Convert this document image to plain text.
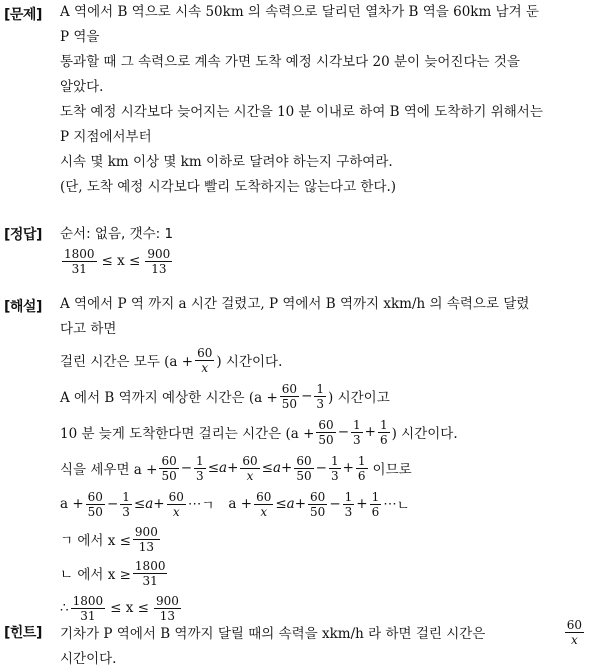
[문제] A 역에서 B 역으로 시속 50km 의 속력으로 달리던 열차가 B 역을 60km 남겨 둔
P 역을
통과할 때 그 속력으로 계속 가면 도착 예정 시각보다 20 분이 늦어진다는 것을
알았다.
도착 예정 시각보다 늦어지는 시간을 10 분 이내로 하여 B 역에 도착하기 위해서는
P 지점에서부터
시속 몇 km 이상 몇 km 이하로 달려야 하는지 구하여라.
(단, 도착 예정 시각보다 빨리 도착하지는 않는다고 한다.)
[정답] 순서: 없음, 갯수: 1
$\frac{1800}{31} \le x \le \frac{900}{13}$
[해설] A 역에서 P 역 까지 a 시간 걸렸고, P 역에서 B 역까지 xkm/h 의 속력으로 달렸
다고 하면
걸린 시간은 모두 ($a + \frac{60}{x}$ ) 시간이다.
A 에서 B 역까지 예상한 시간은 ($a + \frac{60}{50} - \frac{1}{3}$ ) 시간이고
10 분 늦게 도착한다면 걸리는 시간은 ($a + \frac{60}{50} - \frac{1}{3} + \frac{1}{6}$ ) 시간이다.
식을 세우면 $a + \frac{60}{50} - \frac{1}{3} \le a + \frac{60}{x} \le a + \frac{60}{50} - \frac{1}{3} + \frac{1}{6}$ 이므로
$a + \frac{60}{50} - \frac{1}{3} \le a + \frac{60}{x}$ ⋯ ㄱ $a + \frac{60}{x} \le a + \frac{60}{50} - \frac{1}{3} + \frac{1}{6}$ ⋯ ㄴ
ㄱ 에서 $x \le \frac{900}{13}$
ㄴ 에서 $x \ge \frac{1800}{31}$
∴ $\frac{1800}{31} \le x \le \frac{900}{13}$
[힌트] 기차가 P 역에서 B 역까지 달릴 때의 속력을 xkm/h 라 하면 걸린 시간은	$\frac{60}{x}$
시간이다.
